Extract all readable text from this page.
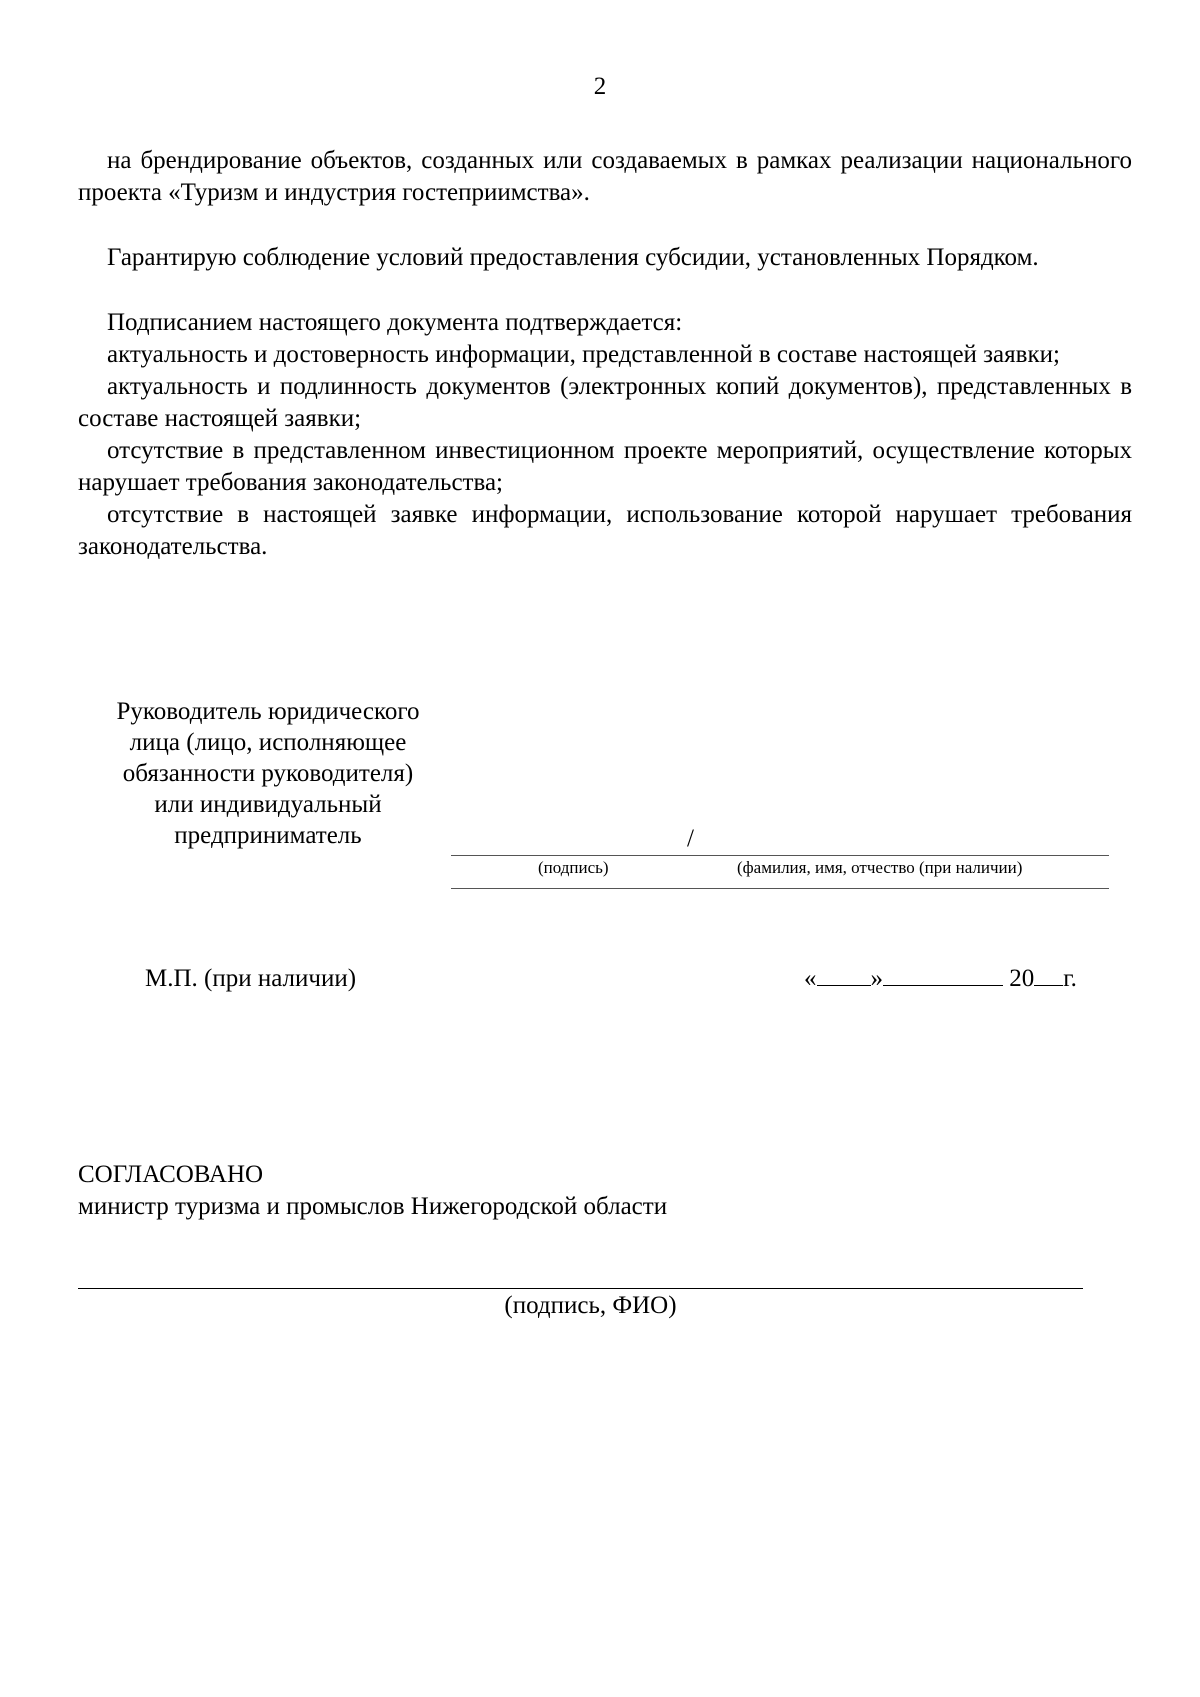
2

на брендирование объектов, созданных или создаваемых в рамках реализации национального проекта «Туризм и индустрия гостеприимства».

Гарантирую соблюдение условий предоставления субсидии, установленных Порядком.

Подписанием настоящего документа подтверждается:

актуальность и достоверность информации, представленной в составе настоящей заявки;

актуальность и подлинность документов (электронных копий документов), представленных в составе настоящей заявки;

отсутствие в представленном инвестиционном проекте мероприятий, осуществление которых нарушает требования законодательства;

отсутствие в настоящей заявке информации, использование которой нарушает требования законодательства.

Руководитель юридического
лица (лицо, исполняющее
обязанности руководителя)
или индивидуальный
предприниматель	/
(подпись)	(фамилия, имя, отчество (при наличии)
М.П. (при наличии)	« »	20 г.
СОГЛАСОВАНО
министр туризма и промыслов Нижегородской области
(подпись, ФИО)
